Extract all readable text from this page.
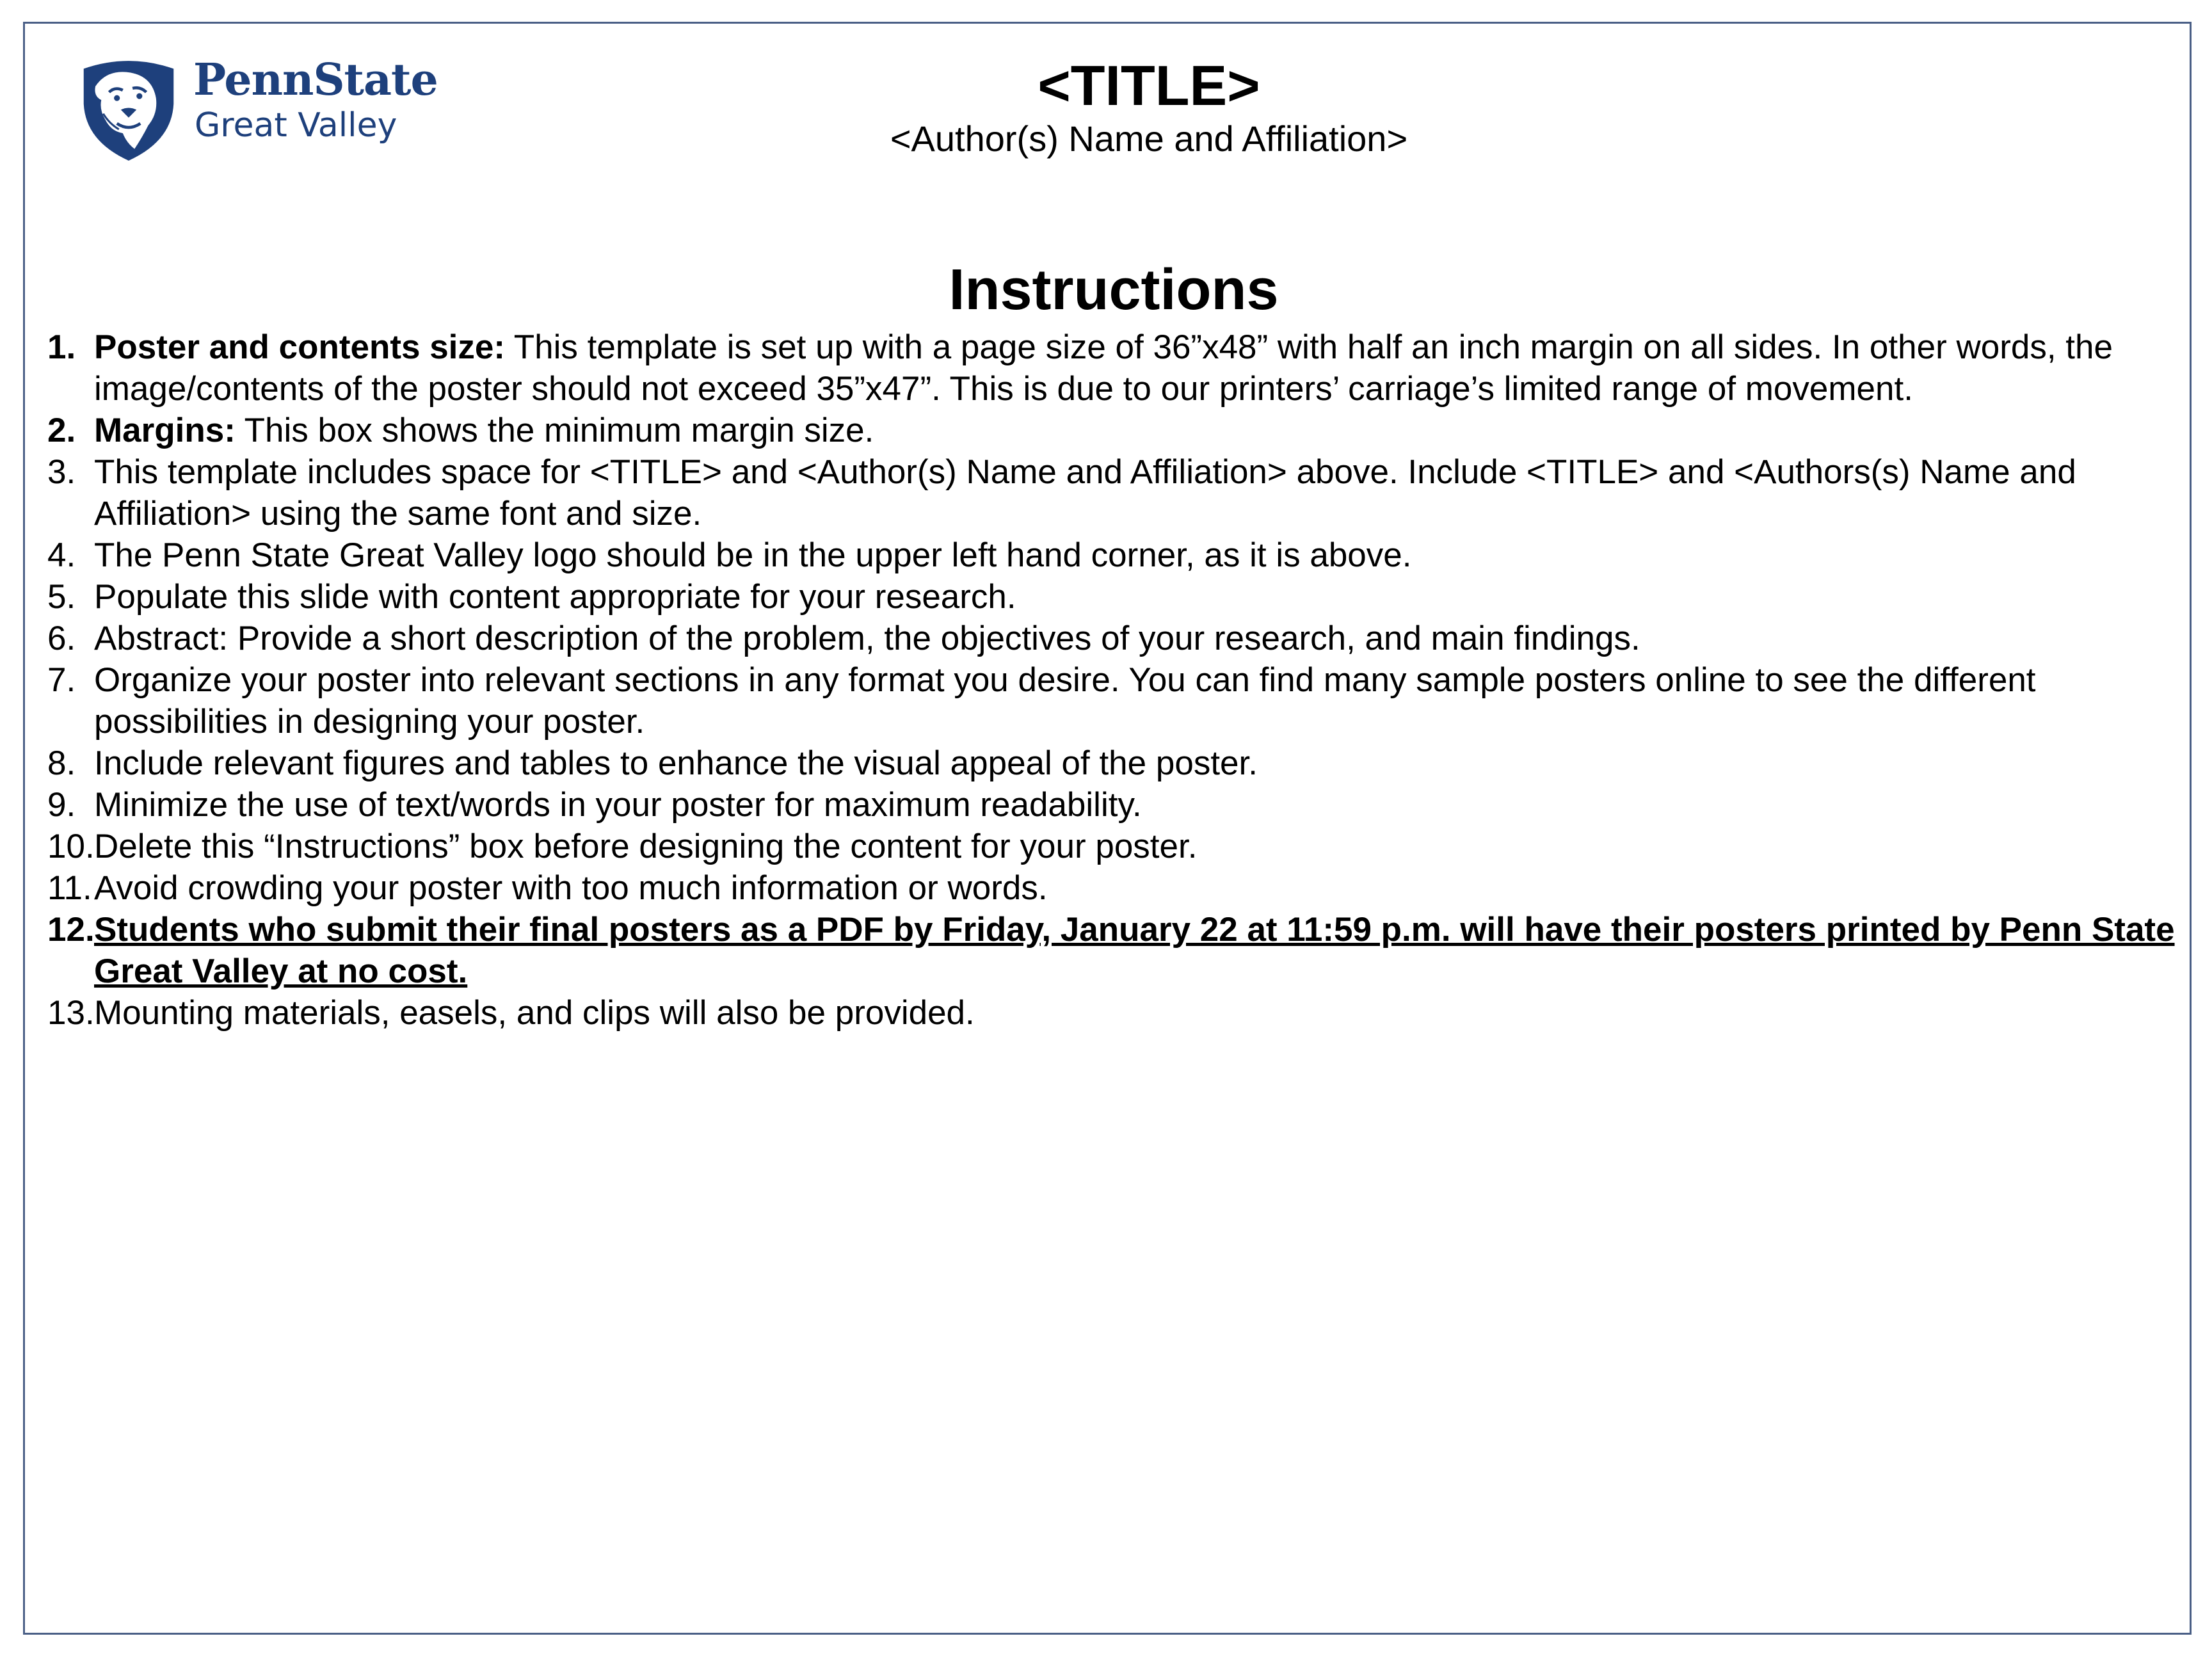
PennState
Great Valley
<TITLE>
<Author(s) Name and Affiliation>
Instructions
1. Poster and contents size: This template is set up with a page size of 36”x48” with half an inch margin on all sides. In other words, the image/contents of the poster should not exceed 35”x47”. This is due to our printers’ carriage’s limited range of movement.
2. Margins: This box shows the minimum margin size.
3. This template includes space for <TITLE> and <Author(s) Name and Affiliation> above. Include <TITLE> and <Authors(s) Name and Affiliation> using the same font and size.
4. The Penn State Great Valley logo should be in the upper left hand corner, as it is above.
5. Populate this slide with content appropriate for your research.
6. Abstract: Provide a short description of the problem, the objectives of your research, and main findings.
7. Organize your poster into relevant sections in any format you desire. You can find many sample posters online to see the different possibilities in designing your poster.
8. Include relevant figures and tables to enhance the visual appeal of the poster.
9. Minimize the use of text/words in your poster for maximum readability.
10. Delete this “Instructions” box before designing the content for your poster.
11. Avoid crowding your poster with too much information or words.
12. Students who submit their final posters as a PDF by Friday, January 22 at 11:59 p.m. will have their posters printed by Penn State Great Valley at no cost.
13. Mounting materials, easels, and clips will also be provided.
